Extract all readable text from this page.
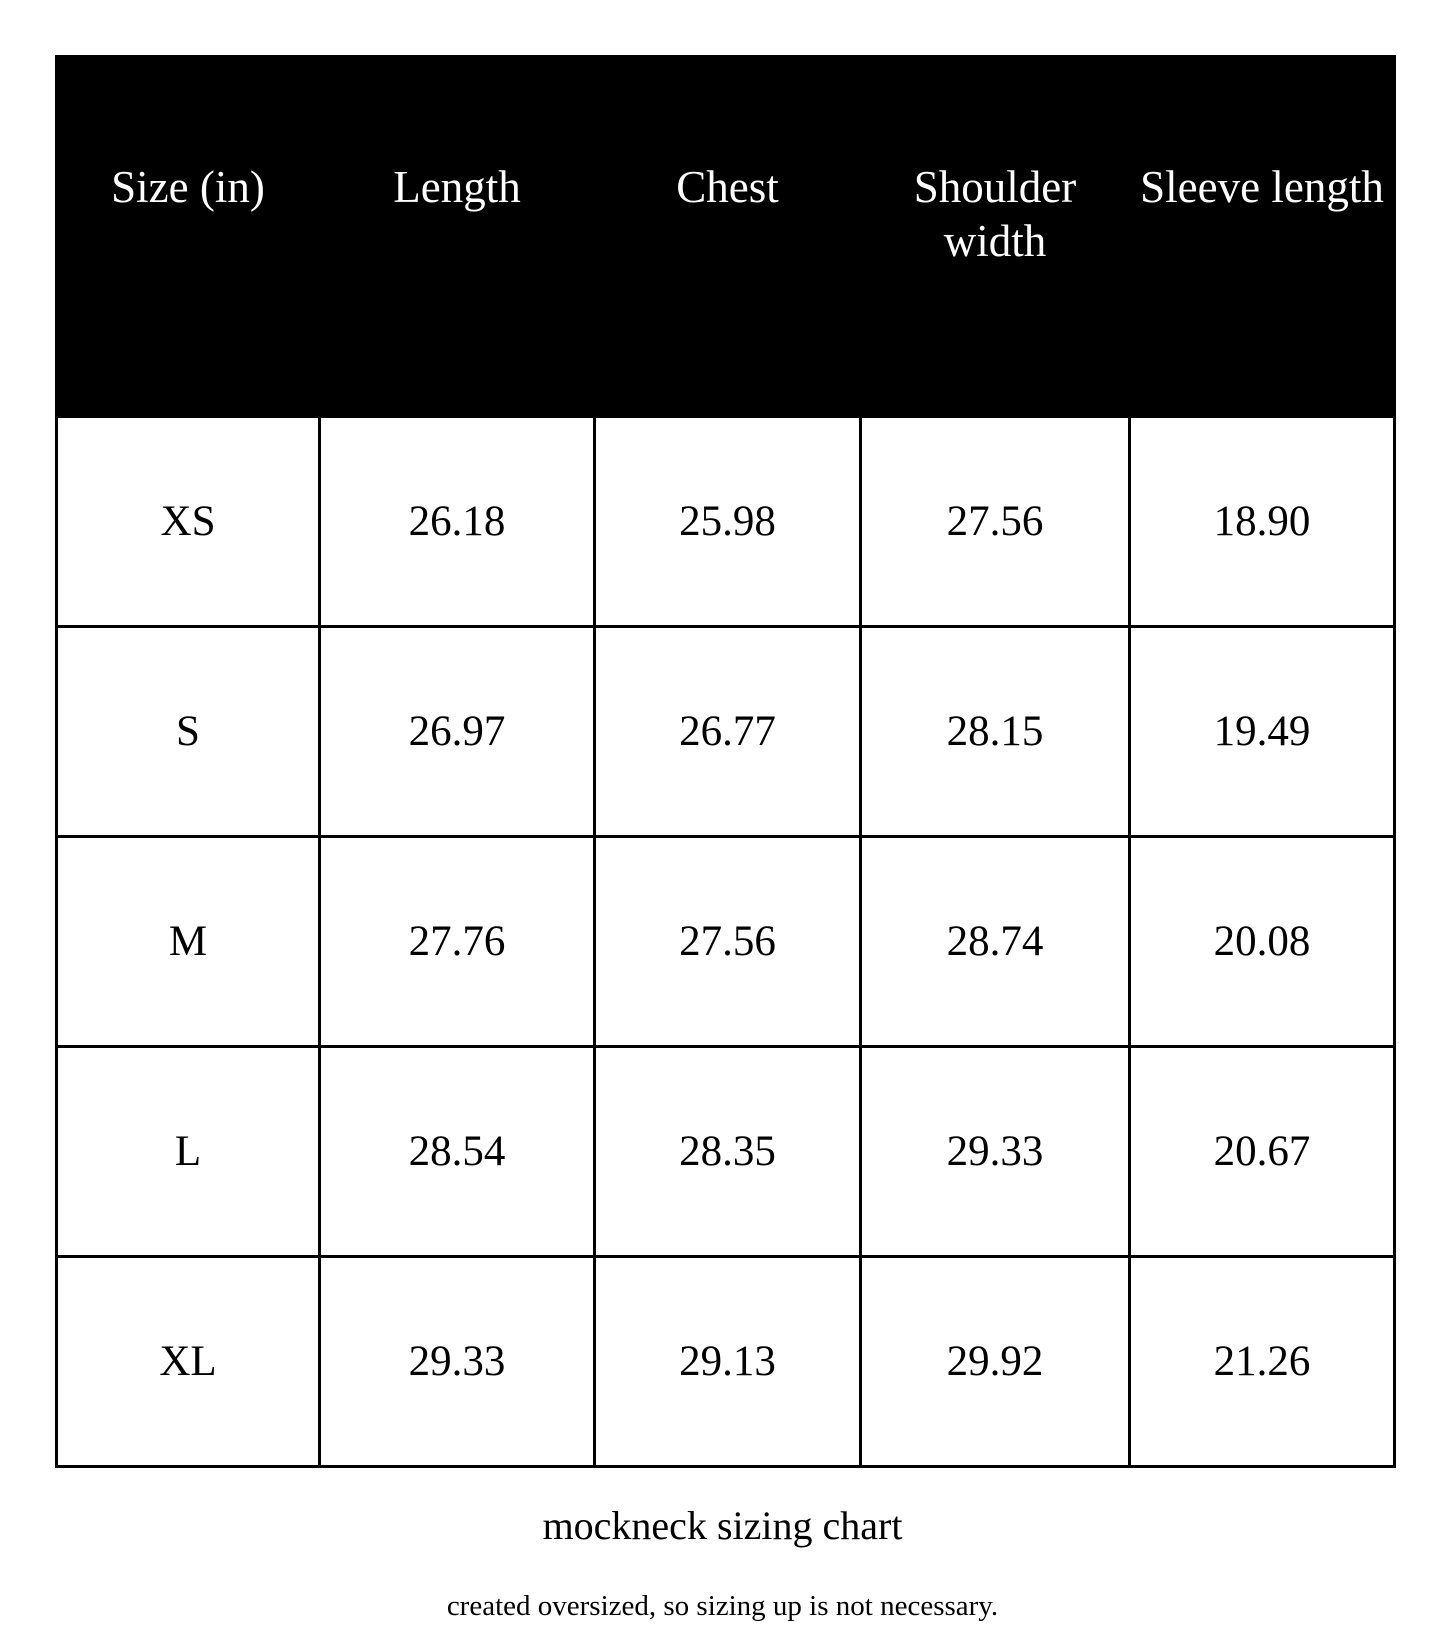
Size (in)	Length	Chest	Shoulder width	Sleeve length
XS	26.18	25.98	27.56	18.90
S	26.97	26.77	28.15	19.49
M	27.76	27.56	28.74	20.08
L	28.54	28.35	29.33	20.67
XL	29.33	29.13	29.92	21.26
mockneck sizing chart
created oversized, so sizing up is not necessary.
